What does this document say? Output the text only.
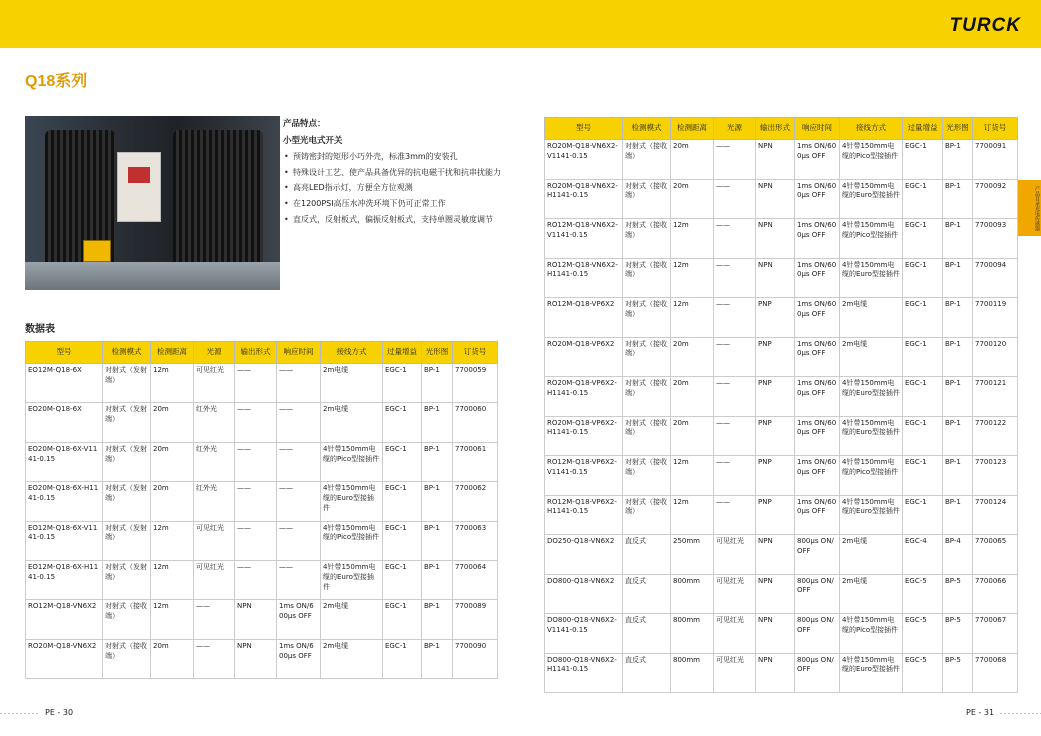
TURCK
产品目录光电传感器
Q18系列
产品特点：
小型光电式开关
• 预铸密封的矩形小巧外壳，标准3mm的安装孔
• 特殊设计工艺、使产品具备优异的抗电磁干扰和抗串扰能力
• 高亮LED指示灯，方便全方位观测
• 在1200PSI高压水冲洗环境下仍可正常工作
• 直反式，反射板式，偏振反射板式，支持单圈灵敏度调节
数据表
型号	检测模式	检测距离	光源	输出形式	响应时间	接线方式	过量增益	光形图	订货号
EO12M-Q18-6X	对射式（发射端）	12m	可见红光	——	——	2m电缆	EGC-1	BP-1	7700059
EO20M-Q18-6X	对射式（发射端）	20m	红外光	——	——	2m电缆	EGC-1	BP-1	7700060
EO20M-Q18-6X-V1141-0.15	对射式（发射端）	20m	红外光	——	——	4针带150mm电缆的Pico型接插件	EGC-1	BP-1	7700061
EO20M-Q18-6X-H1141-0.15	对射式（发射端）	20m	红外光	——	——	4针带150mm电缆的Euro型接插件	EGC-1	BP-1	7700062
EO12M-Q18-6X-V1141-0.15	对射式（发射端）	12m	可见红光	——	——	4针带150mm电缆的Pico型接插件	EGC-1	BP-1	7700063
EO12M-Q18-6X-H1141-0.15	对射式（发射端）	12m	可见红光	——	——	4针带150mm电缆的Euro型接插件	EGC-1	BP-1	7700064
RO12M-Q18-VN6X2	对射式（接收端）	12m	——	NPN	1ms ON/600µs OFF	2m电缆	EGC-1	BP-1	7700089
RO20M-Q18-VN6X2	对射式（接收端）	20m	——	NPN	1ms ON/600µs OFF	2m电缆	EGC-1	BP-1	7700090
型号	检测模式	检测距离	光源	输出形式	响应时间	接线方式	过量增益	光形图	订货号
RO20M-Q18-VN6X2-V1141-0.15	对射式（接收端）	20m	——	NPN	1ms ON/600µs OFF	4针带150mm电缆的Pico型接插件	EGC-1	BP-1	7700091
RO20M-Q18-VN6X2-H1141-0.15	对射式（接收端）	20m	——	NPN	1ms ON/600µs OFF	4针带150mm电缆的Euro型接插件	EGC-1	BP-1	7700092
RO12M-Q18-VN6X2-V1141-0.15	对射式（接收端）	12m	——	NPN	1ms ON/600µs OFF	4针带150mm电缆的Pico型接插件	EGC-1	BP-1	7700093
RO12M-Q18-VN6X2-H1141-0.15	对射式（接收端）	12m	——	NPN	1ms ON/600µs OFF	4针带150mm电缆的Euro型接插件	EGC-1	BP-1	7700094
RO12M-Q18-VP6X2	对射式（接收端）	12m	——	PNP	1ms ON/600µs OFF	2m电缆	EGC-1	BP-1	7700119
RO20M-Q18-VP6X2	对射式（接收端）	20m	——	PNP	1ms ON/600µs OFF	2m电缆	EGC-1	BP-1	7700120
RO20M-Q18-VP6X2-H1141-0.15	对射式（接收端）	20m	——	PNP	1ms ON/600µs OFF	4针带150mm电缆的Euro型接插件	EGC-1	BP-1	7700121
RO20M-Q18-VP6X2-H1141-0.15	对射式（接收端）	20m	——	PNP	1ms ON/600µs OFF	4针带150mm电缆的Euro型接插件	EGC-1	BP-1	7700122
RO12M-Q18-VP6X2-V1141-0.15	对射式（接收端）	12m	——	PNP	1ms ON/600µs OFF	4针带150mm电缆的Pico型接插件	EGC-1	BP-1	7700123
RO12M-Q18-VP6X2-H1141-0.15	对射式（接收端）	12m	——	PNP	1ms ON/600µs OFF	4针带150mm电缆的Euro型接插件	EGC-1	BP-1	7700124
DO250-Q18-VN6X2	直反式	250mm	可见红光	NPN	800µs ON/OFF	2m电缆	EGC-4	BP-4	7700065
DO800-Q18-VN6X2	直反式	800mm	可见红光	NPN	800µs ON/OFF	2m电缆	EGC-5	BP-5	7700066
DO800-Q18-VN6X2-V1141-0.15	直反式	800mm	可见红光	NPN	800µs ON/OFF	4针带150mm电缆的Pico型接插件	EGC-5	BP-5	7700067
DO800-Q18-VN6X2-H1141-0.15	直反式	800mm	可见红光	NPN	800µs ON/OFF	4针带150mm电缆的Euro型接插件	EGC-5	BP-5	7700068
PE - 30	PE - 31
